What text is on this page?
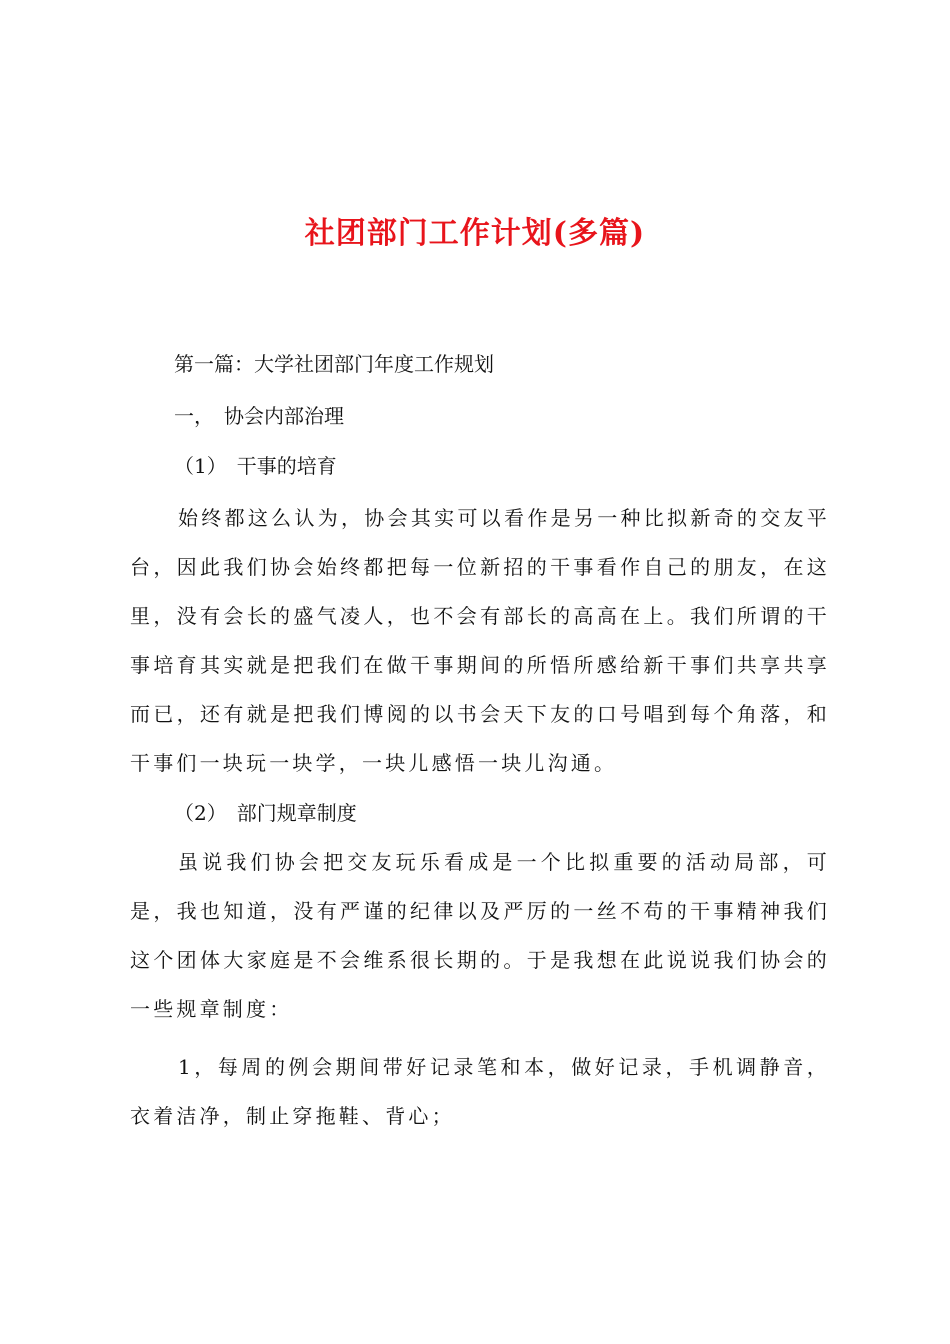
社团部门工作计划(多篇)
第一篇：大学社团部门年度工作规划
一，　协会内部治理
（1）　干事的培育
始终都这么认为，协会其实可以看作是另一种比拟新奇的交友平台，因此我们协会始终都把每一位新招的干事看作自己的朋友，在这里，没有会长的盛气凌人，也不会有部长的高高在上。我们所谓的干事培育其实就是把我们在做干事期间的所悟所感给新干事们共享共享而已，还有就是把我们博阅的以书会天下友的口号唱到每个角落，和干事们一块玩一块学，一块儿感悟一块儿沟通。
（2）　部门规章制度
虽说我们协会把交友玩乐看成是一个比拟重要的活动局部，可是，我也知道，没有严谨的纪律以及严厉的一丝不苟的干事精神我们这个团体大家庭是不会维系很长期的。于是我想在此说说我们协会的一些规章制度：
1，每周的例会期间带好记录笔和本，做好记录，手机调静音，衣着洁净，制止穿拖鞋、背心；
